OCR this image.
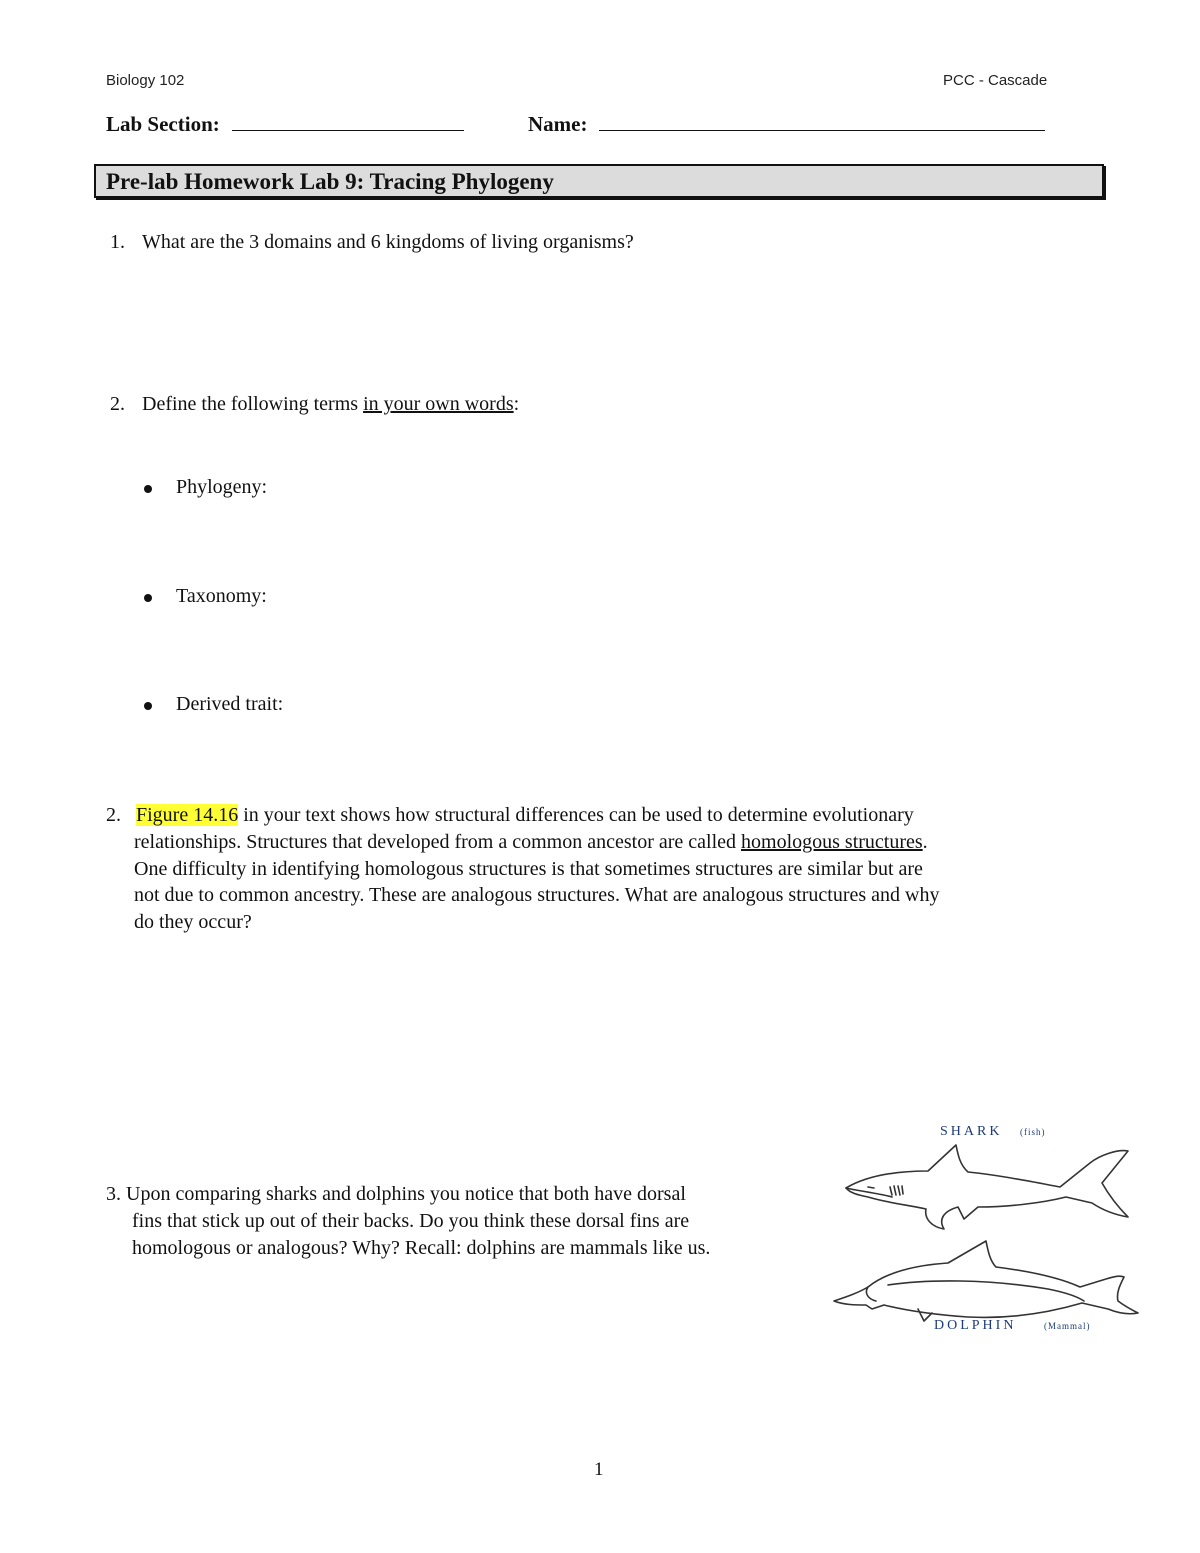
Biology 102	PCC - Cascade
Lab Section:	Name:
Pre-lab Homework Lab 9: Tracing Phylogeny
1. What are the 3 domains and 6 kingdoms of living organisms?
2. Define the following terms in your own words:
Phylogeny:
Taxonomy:
Derived trait:
2. Figure 14.16 in your text shows how structural differences can be used to determine evolutionary
relationships. Structures that developed from a common ancestor are called homologous structures.
One difficulty in identifying homologous structures is that sometimes structures are similar but are
not due to common ancestry. These are analogous structures. What are analogous structures and why
do they occur?
3. Upon comparing sharks and dolphins you notice that both have dorsal
fins that stick up out of their backs. Do you think these dorsal fins are
homologous or analogous? Why? Recall: dolphins are mammals like us.
SHARK (fish)
DOLPHIN	(Mammal)
1
